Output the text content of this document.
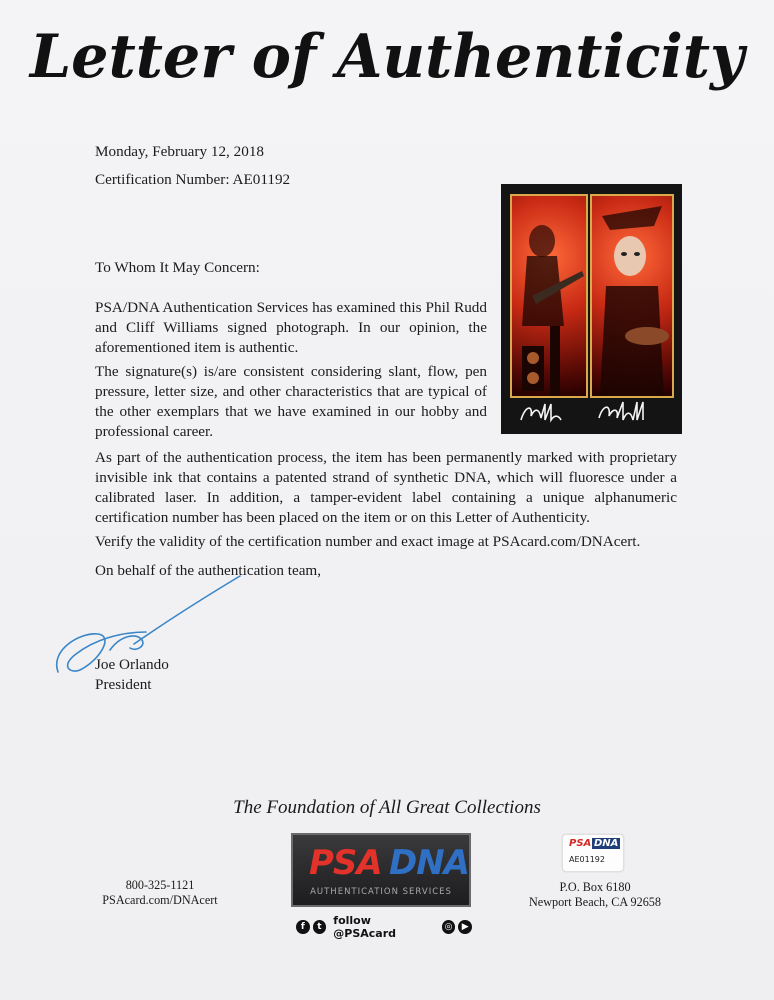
Letter of Authenticity
Monday, February 12, 2018
Certification Number: AE01192
To Whom It May Concern:
PSA/DNA Authentication Services has examined this Phil Rudd and Cliff Williams signed photograph. In our opinion, the aforementioned item is authentic.
The signature(s) is/are consistent considering slant, flow, pen pressure, letter size, and other characteristics that are typical of the other exemplars that we have examined in our hobby and professional career.
As part of the authentication process, the item has been permanently marked with proprietary invisible ink that contains a patented strand of synthetic DNA, which will fluoresce under a calibrated laser. In addition, a tamper-evident label containing a unique alphanumeric certification number has been placed on the item or on this Letter of Authenticity.
Verify the validity of the certification number and exact image at PSAcard.com/DNAcert.
On behalf of the authentication team,
Joe Orlando
President
The Foundation of All Great Collections
800-325-1121
PSAcard.com/DNAcert
PSA DNA
AUTHENTICATION SERVICES
f	t	follow @PSAcard	◎	▶
PSA DNA
AE01192
P.O. Box 6180
Newport Beach, CA 92658
